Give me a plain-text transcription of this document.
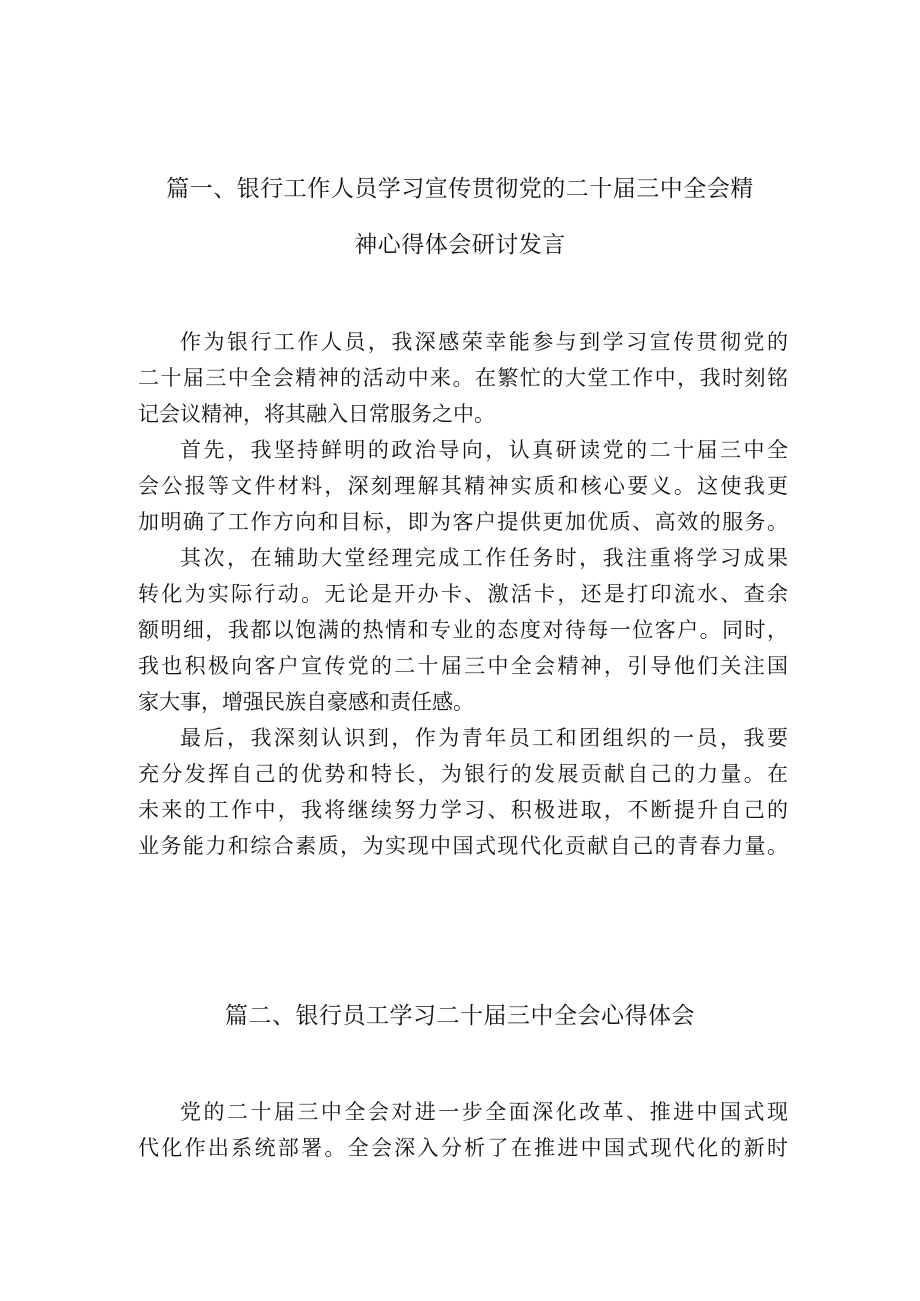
篇一、银行工作人员学习宣传贯彻党的二十届三中全会精
神心得体会研讨发言
作为银行工作人员，我深感荣幸能参与到学习宣传贯彻党的
二十届三中全会精神的活动中来。在繁忙的大堂工作中，我时刻铭
记会议精神，将其融入日常服务之中。
首先，我坚持鲜明的政治导向，认真研读党的二十届三中全
会公报等文件材料，深刻理解其精神实质和核心要义。这使我更
加明确了工作方向和目标，即为客户提供更加优质、高效的服务。
其次，在辅助大堂经理完成工作任务时，我注重将学习成果
转化为实际行动。无论是开办卡、激活卡，还是打印流水、查余
额明细，我都以饱满的热情和专业的态度对待每一位客户。同时，
我也积极向客户宣传党的二十届三中全会精神，引导他们关注国
家大事，增强民族自豪感和责任感。
最后，我深刻认识到，作为青年员工和团组织的一员，我要
充分发挥自己的优势和特长，为银行的发展贡献自己的力量。在
未来的工作中，我将继续努力学习、积极进取，不断提升自己的
业务能力和综合素质，为实现中国式现代化贡献自己的青春力量。
篇二、银行员工学习二十届三中全会心得体会
党的二十届三中全会对进一步全面深化改革、推进中国式现
代化作出系统部署。全会深入分析了在推进中国式现代化的新时
